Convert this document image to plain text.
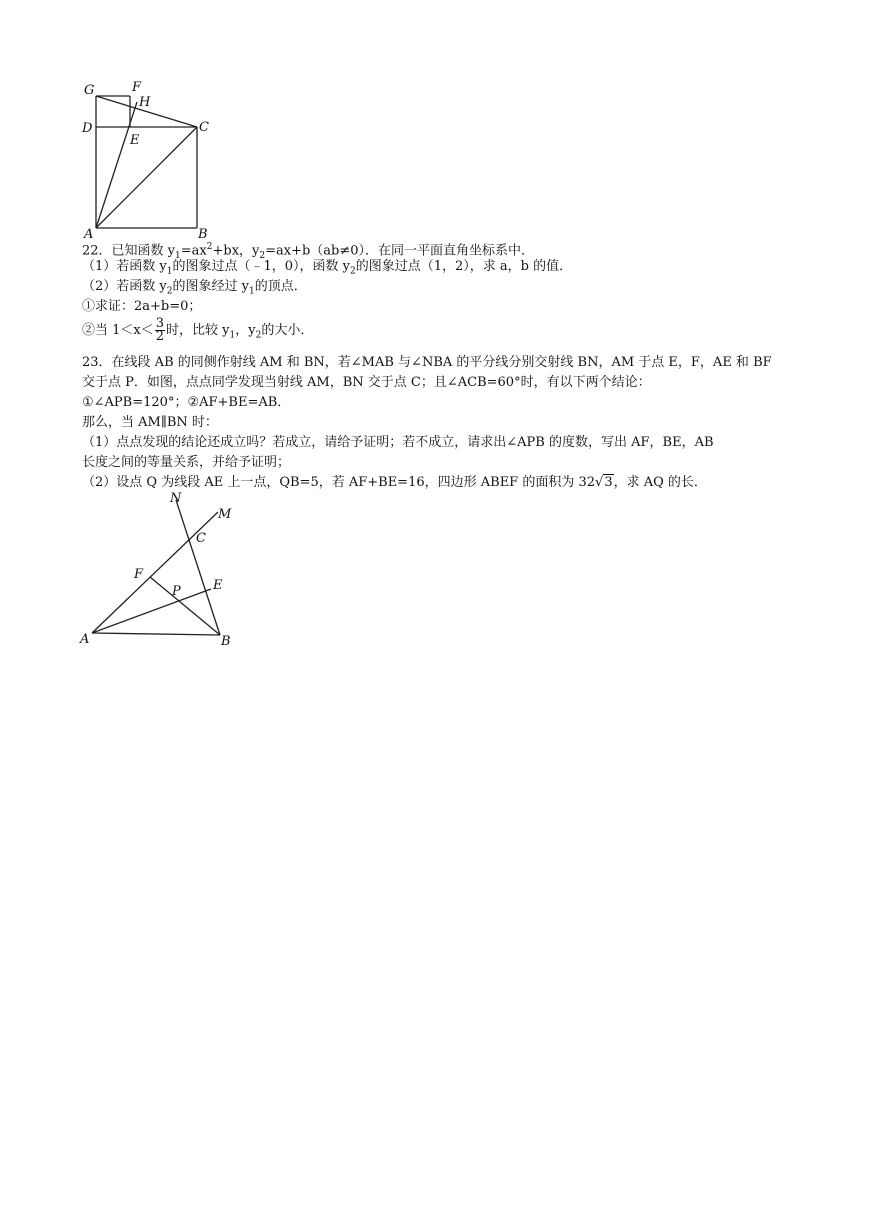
G	F
H
D
E
C
A	B
22．已知函数 $y_1=ax^2+bx$，$y_2=ax+b(ab\ne 0)$．在同一平面直角坐标系中．
（1）若函数 $y_1$的图象过点（﹣1，0），函数 $y_2$的图象过点（1，2），求 a，b 的值．
（2）若函数 $y_2$的图象经过 $y_1$的顶点．
①求证：2a+b=0；
②当 $1<x< \frac{3}{2}$ 时，比较 $y_1$，$y_2$的大小．
23．在线段 AB 的同侧作射线 AM 和 BN，若∠MAB 与∠NBA 的平分线分别交射线 BN，AM 于点 E，F，AE 和 BF
交于点 P．如图，点点同学发现当射线 AM，BN 交于点 C；且∠ACB=60°时，有以下两个结论：
①∠APB=120°；②AF+BE=AB．
那么，当 AM∥BN 时：
（1）点点发现的结论还成立吗？若成立，请给予证明；若不成立，请求出∠APB 的度数，写出 AF，BE，AB
长度之间的等量关系，并给予证明；
（2）设点 Q 为线段 AE 上一点，QB=5，若 AF+BE=16，四边形 ABEF 的面积为 32√3，求 AQ 的长．
N
M
C
F
E
P
A	B
